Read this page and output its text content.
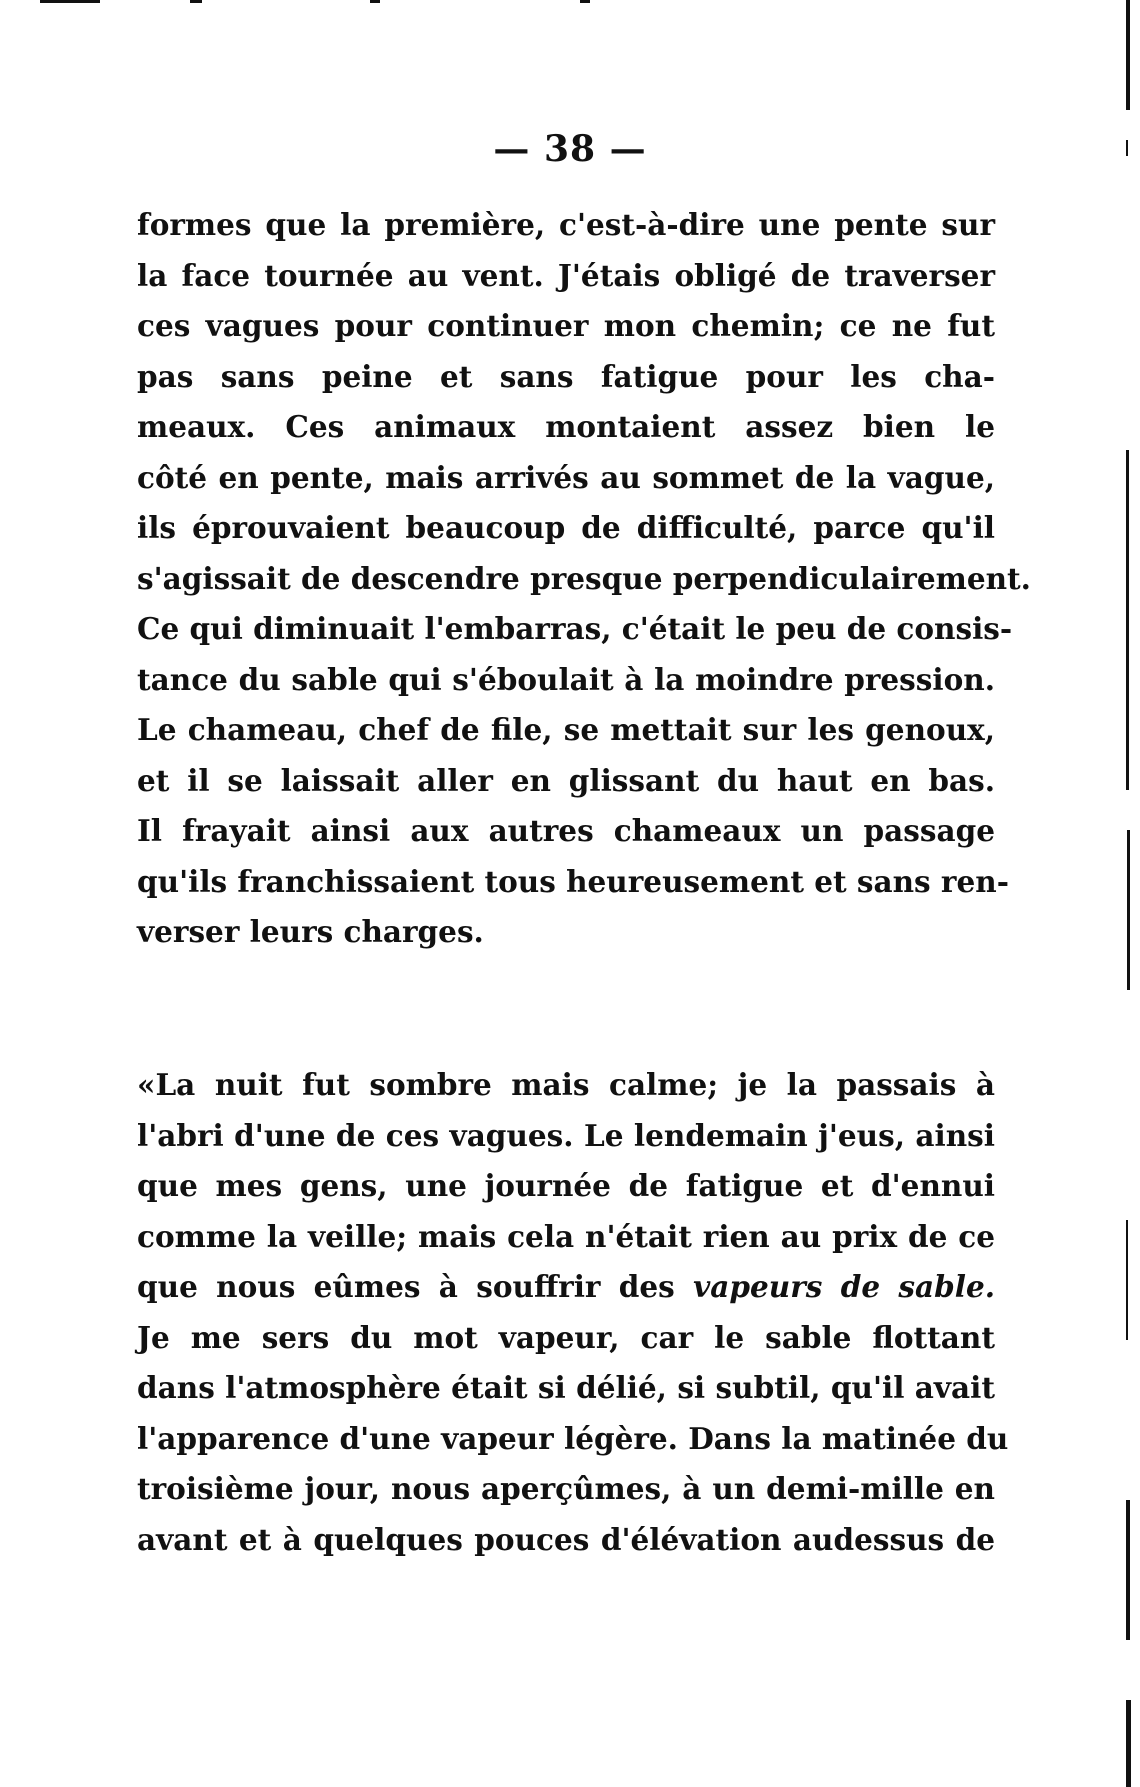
— 38 —
formes que la première, c'est-à-dire une pente sur
la face tournée au vent. J'étais obligé de traverser
ces vagues pour continuer mon chemin; ce ne fut
pas sans peine et sans fatigue pour les cha-
meaux. Ces animaux montaient assez bien le
côté en pente, mais arrivés au sommet de la vague,
ils éprouvaient beaucoup de difficulté, parce qu'il
s'agissait de descendre presque perpendiculairement.
Ce qui diminuait l'embarras, c'était le peu de consis-
tance du sable qui s'éboulait à la moindre pression.
Le chameau, chef de file, se mettait sur les genoux,
et il se laissait aller en glissant du haut en bas.
Il frayait ainsi aux autres chameaux un passage
qu'ils franchissaient tous heureusement et sans ren-
verser leurs charges.
«La nuit fut sombre mais calme; je la passais à
l'abri d'une de ces vagues. Le lendemain j'eus, ainsi
que mes gens, une journée de fatigue et d'ennui
comme la veille; mais cela n'était rien au prix de ce
que nous eûmes à souffrir des vapeurs de sable.
Je me sers du mot vapeur, car le sable flottant
dans l'atmosphère était si délié, si subtil, qu'il avait
l'apparence d'une vapeur légère. Dans la matinée du
troisième jour, nous aperçûmes, à un demi-mille en
avant et à quelques pouces d'élévation audessus de
